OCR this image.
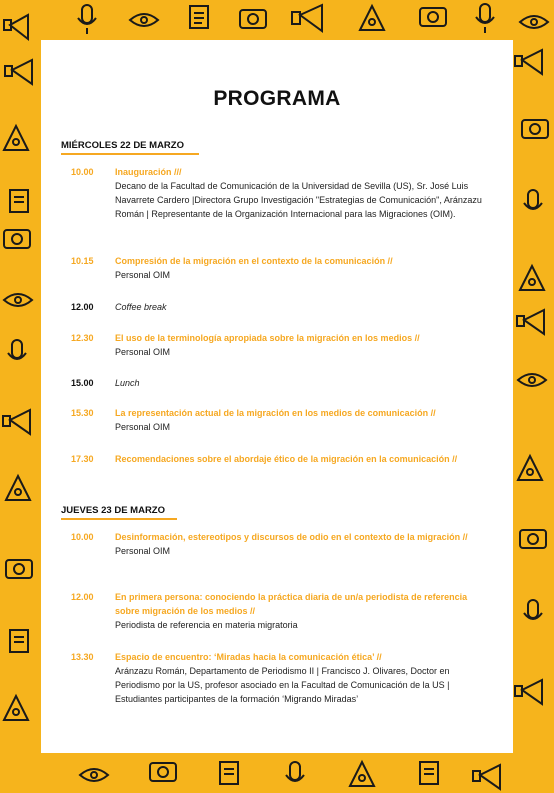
PROGRAMA
MIÉRCOLES 22 DE MARZO
10.00	Inauguración ///
Decano de la Facultad de Comunicación de la Universidad de Sevilla (US), Sr. José Luis Navarrete Cardero |Directora Grupo Investigación "Estrategias de Comunicación", Aránzazu Román | Representante de la Organización Internacional para las Migraciones (OIM).
10.15	Compresión de la migración en el contexto de la comunicación //
Personal OIM
12.00	Coffee break
12.30	El uso de la terminología apropiada sobre la migración en los medios //
Personal OIM
15.00	Lunch
15.30	La representación actual de la migración en los medios de comunicación //
Personal OIM
17.30	Recomendaciones sobre el abordaje ético de la migración en la comunicación //
JUEVES 23 DE MARZO
10.00	Desinformación, estereotipos y discursos de odio en el contexto de la migración //
Personal OIM
12.00	En primera persona: conociendo la práctica diaria de un/a periodista de referencia sobre migración de los medios //
Periodista de referencia en materia migratoria
13.30	Espacio de encuentro: ‘Miradas hacia la comunicación ética’ //
Aránzazu Román, Departamento de Periodismo II | Francisco J. Olivares, Doctor en Periodismo por la US, profesor asociado en la Facultad de Comunicación de la US | Estudiantes participantes de la formación ‘Migrando Miradas’
